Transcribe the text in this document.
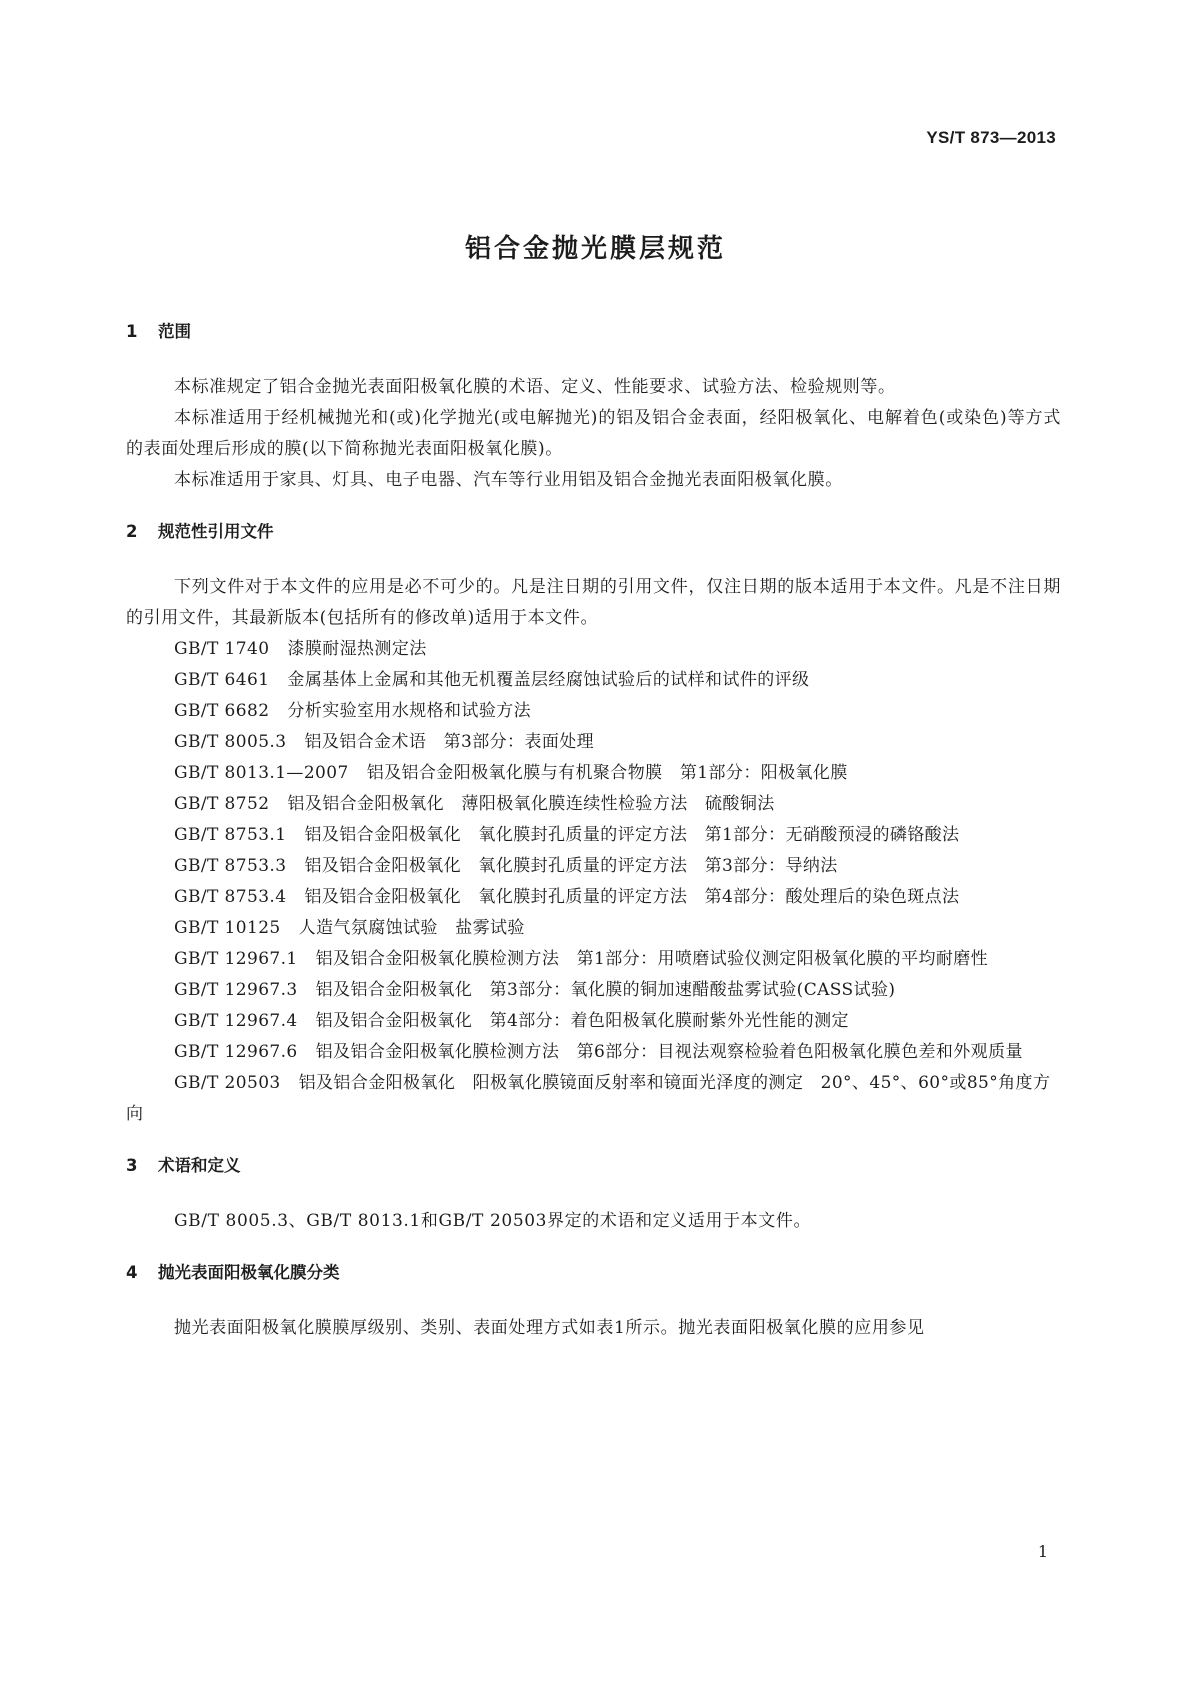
YS/T 873—2013
铝合金抛光膜层规范
1 范围
本标准规定了铝合金抛光表面阳极氧化膜的术语、定义、性能要求、试验方法、检验规则等。
本标准适用于经机械抛光和(或)化学抛光(或电解抛光)的铝及铝合金表面，经阳极氧化、电解着色(或染色)等方式的表面处理后形成的膜(以下简称抛光表面阳极氧化膜)。
本标准适用于家具、灯具、电子电器、汽车等行业用铝及铝合金抛光表面阳极氧化膜。
2 规范性引用文件
下列文件对于本文件的应用是必不可少的。凡是注日期的引用文件，仅注日期的版本适用于本文件。凡是不注日期的引用文件，其最新版本(包括所有的修改单)适用于本文件。
GB/T 1740 漆膜耐湿热测定法
GB/T 6461 金属基体上金属和其他无机覆盖层经腐蚀试验后的试样和试件的评级
GB/T 6682 分析实验室用水规格和试验方法
GB/T 8005.3 铝及铝合金术语　第3部分：表面处理
GB/T 8013.1—2007 铝及铝合金阳极氧化膜与有机聚合物膜　第1部分：阳极氧化膜
GB/T 8752 铝及铝合金阳极氧化　薄阳极氧化膜连续性检验方法　硫酸铜法
GB/T 8753.1 铝及铝合金阳极氧化　氧化膜封孔质量的评定方法　第1部分：无硝酸预浸的磷铬酸法
GB/T 8753.3 铝及铝合金阳极氧化　氧化膜封孔质量的评定方法　第3部分：导纳法
GB/T 8753.4 铝及铝合金阳极氧化　氧化膜封孔质量的评定方法　第4部分：酸处理后的染色斑点法
GB/T 10125 人造气氛腐蚀试验　盐雾试验
GB/T 12967.1 铝及铝合金阳极氧化膜检测方法　第1部分：用喷磨试验仪测定阳极氧化膜的平均耐磨性
GB/T 12967.3 铝及铝合金阳极氧化　第3部分：氧化膜的铜加速醋酸盐雾试验(CASS试验)
GB/T 12967.4 铝及铝合金阳极氧化　第4部分：着色阳极氧化膜耐紫外光性能的测定
GB/T 12967.6 铝及铝合金阳极氧化膜检测方法　第6部分：目视法观察检验着色阳极氧化膜色差和外观质量
GB/T 20503 铝及铝合金阳极氧化　阳极氧化膜镜面反射率和镜面光泽度的测定　20°、45°、60°或85°角度方向
3 术语和定义
GB/T 8005.3、GB/T 8013.1和GB/T 20503界定的术语和定义适用于本文件。
4 抛光表面阳极氧化膜分类
抛光表面阳极氧化膜膜厚级别、类别、表面处理方式如表1所示。抛光表面阳极氧化膜的应用参见
1
